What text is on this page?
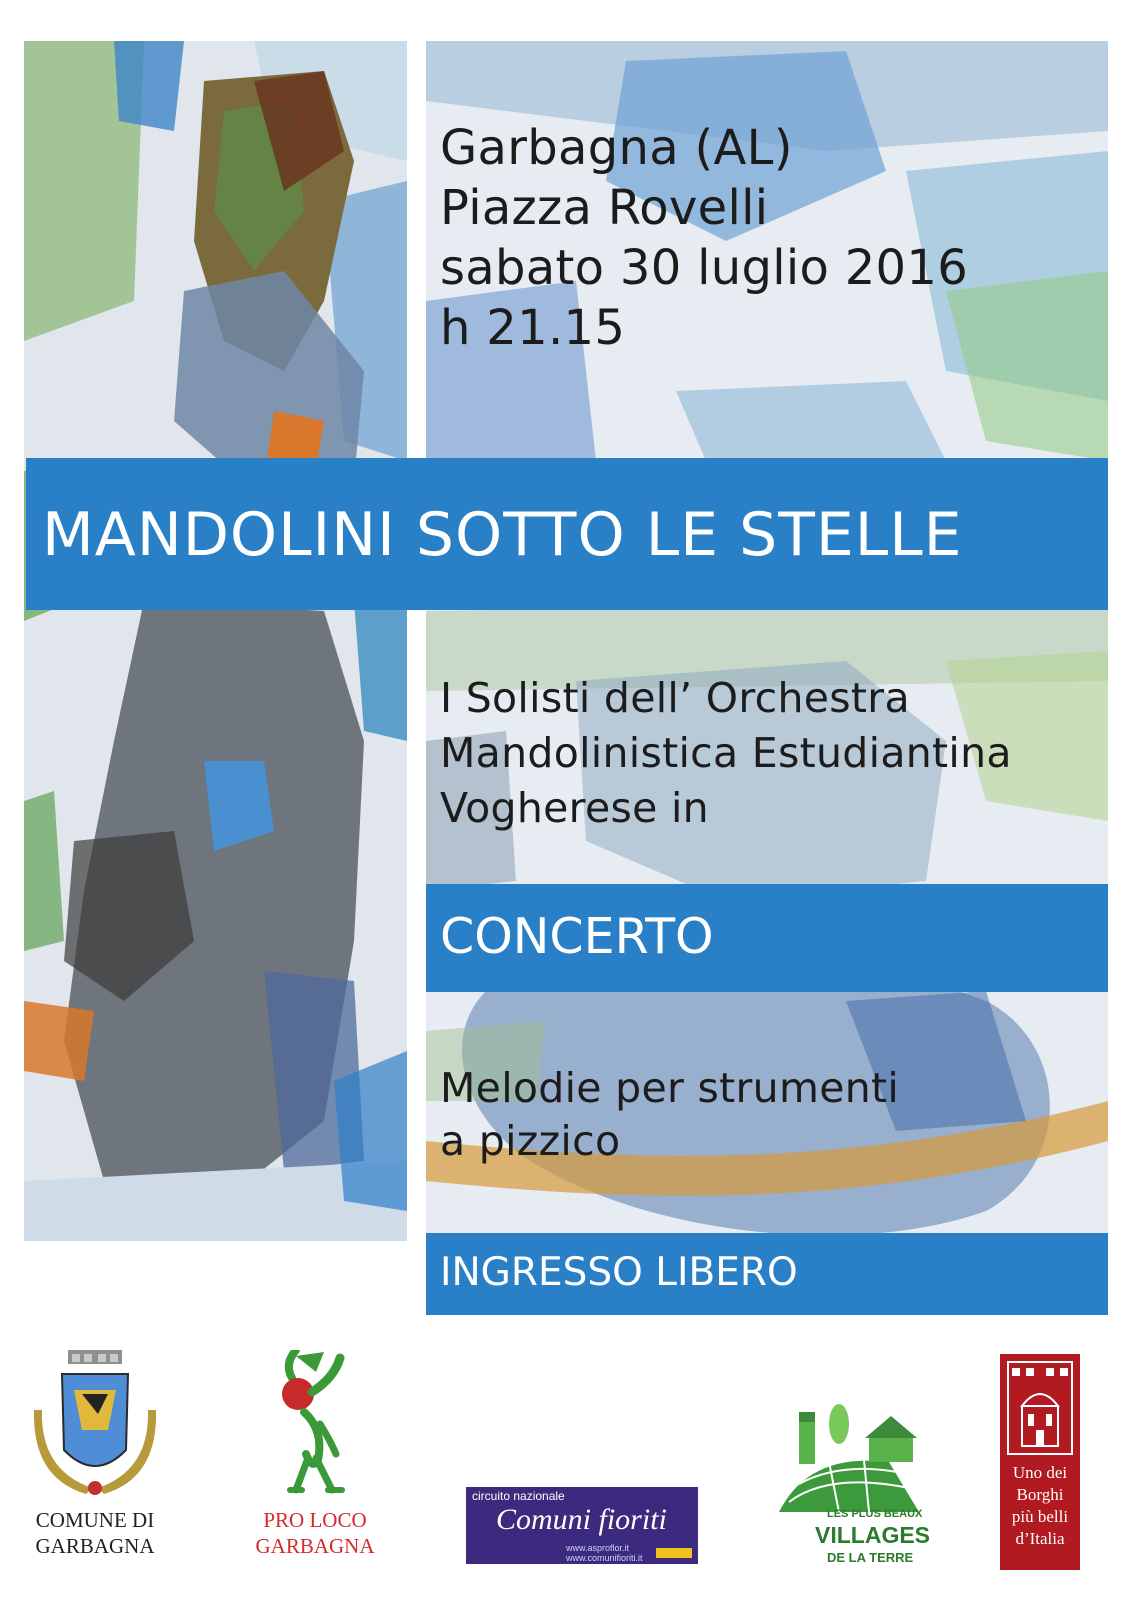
Garbagna (AL)
Piazza Rovelli
sabato 30 luglio 2016
h 21.15
MANDOLINI SOTTO LE STELLE
I Solisti dell’ Orchestra
Mandolinistica Estudiantina
Vogherese in
CONCERTO
Melodie per strumenti
a pizzico
INGRESSO LIBERO
COMUNE DI
GARBAGNA
PRO LOCO
GARBAGNA
circuito nazionale
Comuni fioriti
www.asproflor.it www.comunifioriti.it
LES PLUS BEAUX
VILLAGES
DE LA TERRE
Uno dei
Borghi
più belli
d’Italia
